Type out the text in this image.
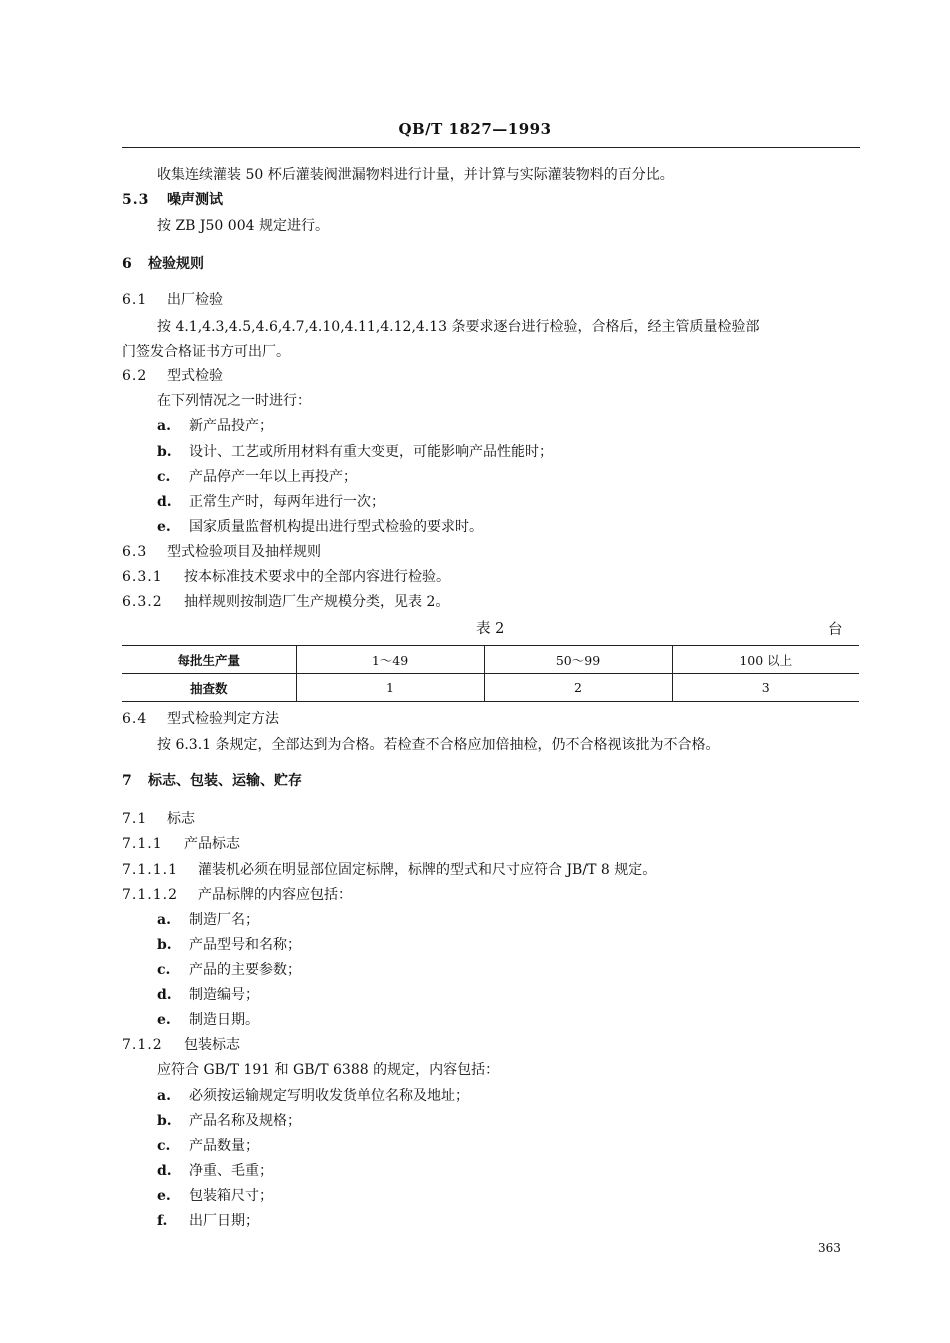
QB/T 1827—1993
收集连续灌装 50 杯后灌装阀泄漏物料进行计量，并计算与实际灌装物料的百分比。
5.3 噪声测试
按 ZB J50 004 规定进行。
6 检验规则
6.1 出厂检验
按 4.1,4.3,4.5,4.6,4.7,4.10,4.11,4.12,4.13 条要求逐台进行检验，合格后，经主管质量检验部
门签发合格证书方可出厂。
6.2 型式检验
在下列情况之一时进行：
a. 新产品投产；
b. 设计、工艺或所用材料有重大变更，可能影响产品性能时；
c. 产品停产一年以上再投产；
d. 正常生产时，每两年进行一次；
e. 国家质量监督机构提出进行型式检验的要求时。
6.3 型式检验项目及抽样规则
6.3.1 按本标准技术要求中的全部内容进行检验。
6.3.2 抽样规则按制造厂生产规模分类，见表 2。
表 2	台
每批生产量	1～49	50～99	100 以上
抽查数	1	2	3
6.4 型式检验判定方法
按 6.3.1 条规定，全部达到为合格。若检查不合格应加倍抽检，仍不合格视该批为不合格。
7 标志、包装、运输、贮存
7.1 标志
7.1.1 产品标志
7.1.1.1 灌装机必须在明显部位固定标牌，标牌的型式和尺寸应符合 JB/T 8 规定。
7.1.1.2 产品标牌的内容应包括：
a. 制造厂名；
b. 产品型号和名称；
c. 产品的主要参数；
d. 制造编号；
e. 制造日期。
7.1.2 包装标志
应符合 GB/T 191 和 GB/T 6388 的规定，内容包括：
a. 必须按运输规定写明收发货单位名称及地址；
b. 产品名称及规格；
c. 产品数量；
d. 净重、毛重；
e. 包装箱尺寸；
f. 出厂日期；
363
